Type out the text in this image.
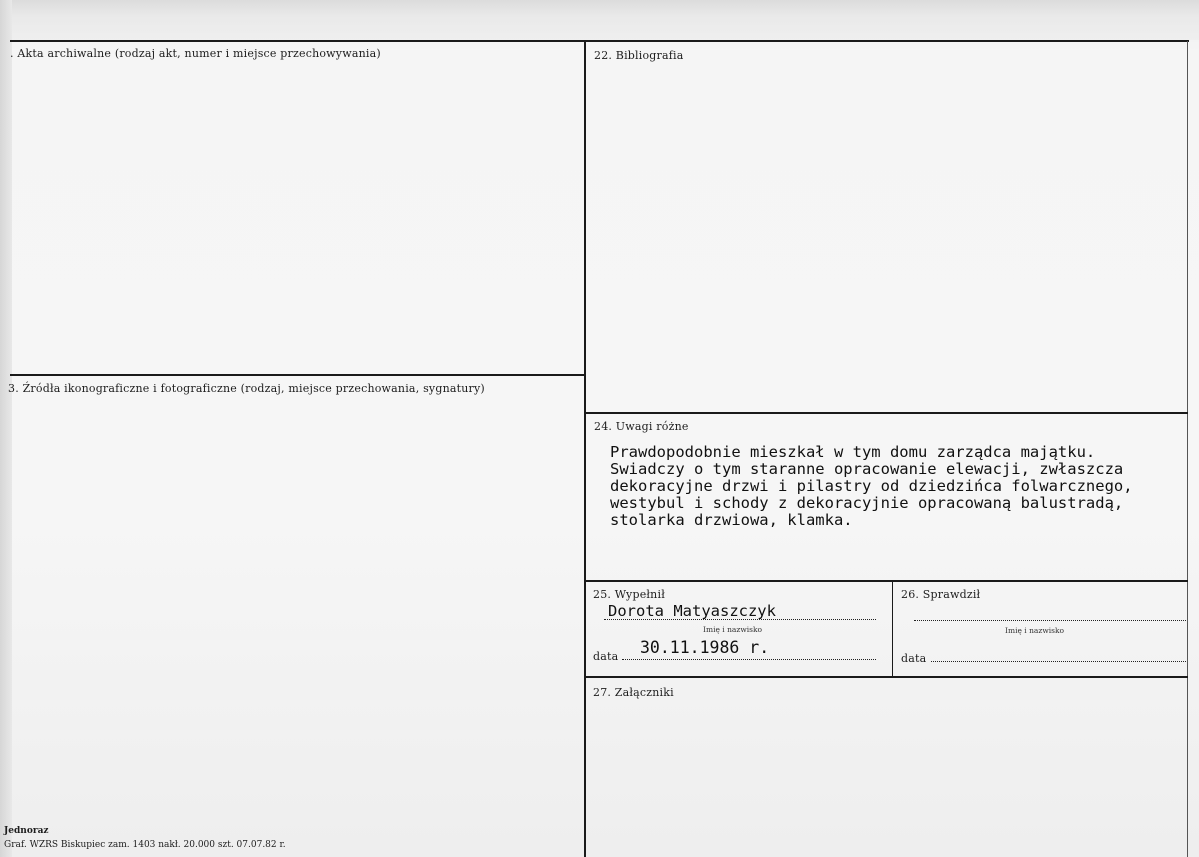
. Akta archiwalne (rodzaj akt, numer i miejsce przechowywania)	22. Bibliografia
3. Źródła ikonograficzne i fotograficzne (rodzaj, miejsce przechowania, sygnatury)
24. Uwagi różne
25. Wypełnił	26. Sprawdził
27. Załączniki
Prawdopodobnie mieszkał w tym domu zarządca majątku.
Swiadczy o tym staranne opracowanie elewacji, zwłaszcza
dekoracyjne drzwi i pilastry od dziedzińca folwarcznego,
westybul i schody z dekoracyjnie opracowaną balustradą,
stolarka drzwiowa, klamka.
Dorota Matyaszczyk
Imię i nazwisko
data 30.11.1986 r.
Imię i nazwisko
data
Jednoraz
Graf. WZRS Biskupiec zam. 1403 nakł. 20.000 szt. 07.07.82 r.
